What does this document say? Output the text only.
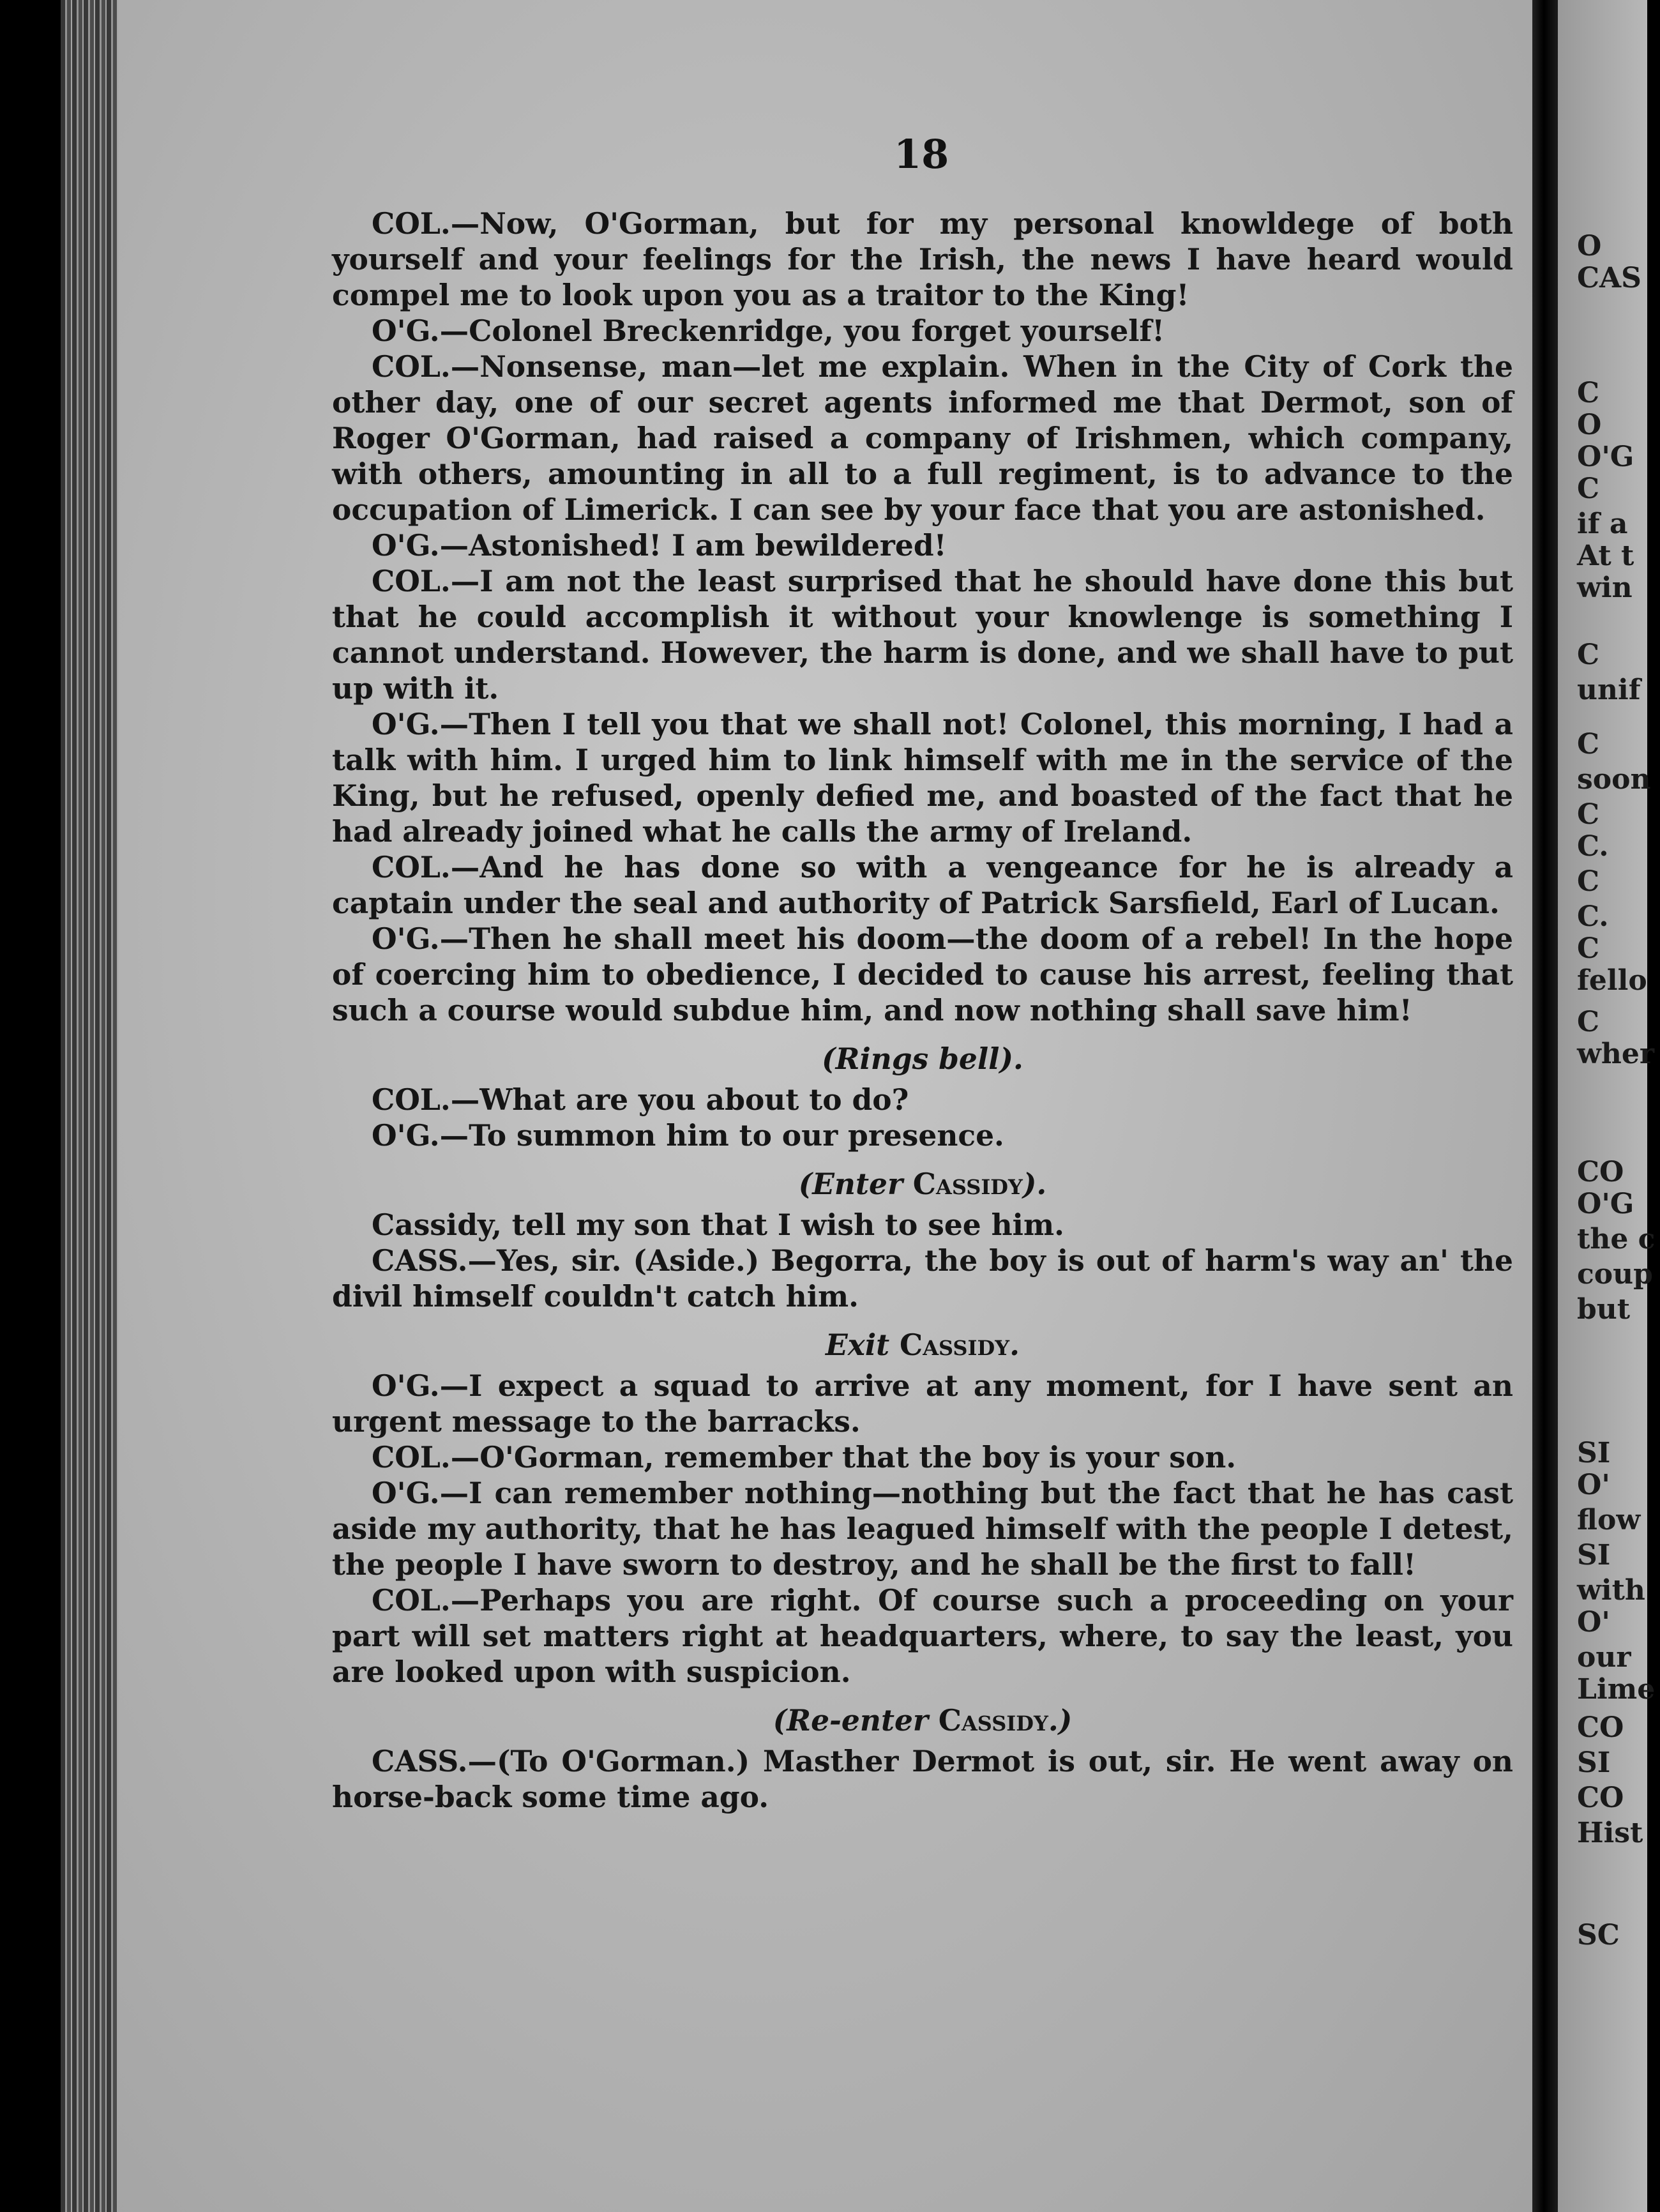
18

COL.—Now, O'Gorman, but for my personal knowldege of both yourself and your feelings for the Irish, the news I have heard would compel me to look upon you as a traitor to the King!

O'G.—Colonel Breckenridge, you forget yourself!

COL.—Nonsense, man—let me explain. When in the City of Cork the other day, one of our secret agents informed me that Dermot, son of Roger O'Gorman, had raised a company of Irishmen, which company, with others, amounting in all to a full regiment, is to advance to the occupation of Limerick. I can see by your face that you are astonished.

O'G.—Astonished! I am bewildered!

COL.—I am not the least surprised that he should have done this but that he could accomplish it without your knowlenge is something I cannot understand. However, the harm is done, and we shall have to put up with it.

O'G.—Then I tell you that we shall not! Colonel, this morning, I had a talk with him. I urged him to link himself with me in the service of the King, but he refused, openly defied me, and boasted of the fact that he had already joined what he calls the army of Ireland.

COL.—And he has done so with a vengeance for he is already a captain under the seal and authority of Patrick Sarsfield, Earl of Lucan.

O'G.—Then he shall meet his doom—the doom of a rebel! In the hope of coercing him to obedience, I decided to cause his arrest, feeling that such a course would subdue him, and now nothing shall save him!

(Rings bell).

COL.—What are you about to do?

O'G.—To summon him to our presence.

(Enter Cassidy).

Cassidy, tell my son that I wish to see him.

CASS.—Yes, sir. (Aside.) Begorra, the boy is out of harm's way an' the divil himself couldn't catch him.

Exit Cassidy.

O'G.—I expect a squad to arrive at any moment, for I have sent an urgent message to the barracks.

COL.—O'Gorman, remember that the boy is your son.

O'G.—I can remember nothing—nothing but the fact that he has cast aside my authority, that he has leagued himself with the people I detest, the people I have sworn to destroy, and he shall be the first to fall!

COL.—Perhaps you are right. Of course such a proceeding on your part will set matters right at headquarters, where, to say the least, you are looked upon with suspicion.

(Re-enter Cassidy.)

CASS.—(To O'Gorman.) Masther Dermot is out, sir. He went away on horse-back some time ago.

O
CAS
C
O
O'G
C
if a
At t
win
C
unif
C
soon
C
C.
C
C.
C
fello
C
wher
CO
O'G
the c
coup
but
SI
O'
flow
SI
with
O'
our
Lime
CO
SI
CO
Hist
SC
